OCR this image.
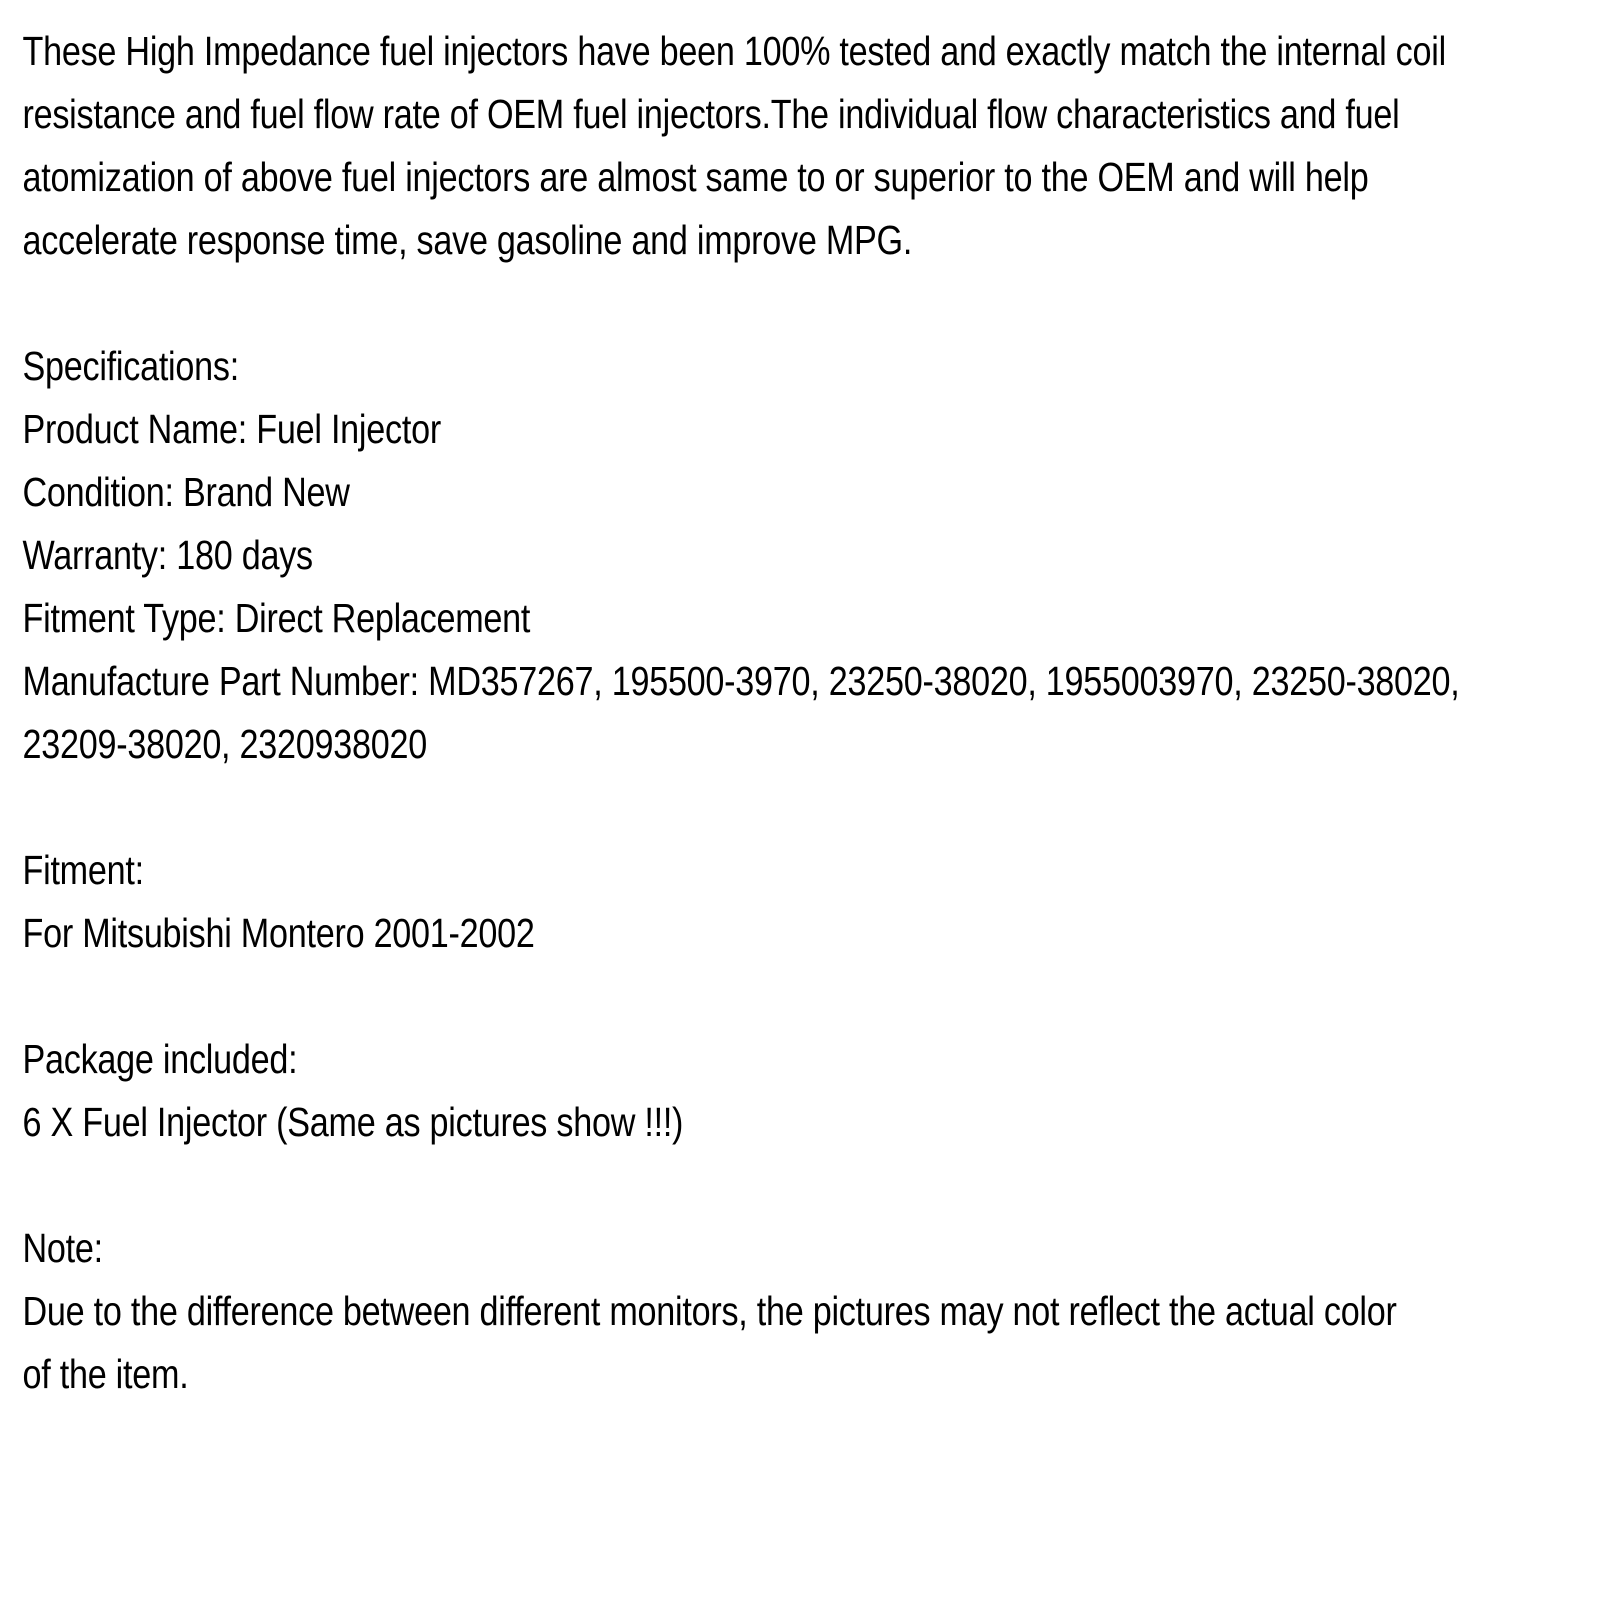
These High Impedance fuel injectors have been 100% tested and exactly match the internal coil
resistance and fuel flow rate of OEM fuel injectors.The individual flow characteristics and fuel
atomization of above fuel injectors are almost same to or superior to the OEM and will help
accelerate response time, save gasoline and improve MPG.
Specifications:
Product Name: Fuel Injector
Condition: Brand New
Warranty: 180 days
Fitment Type: Direct Replacement
Manufacture Part Number: MD357267, 195500-3970, 23250-38020, 1955003970, 23250-38020,
23209-38020, 2320938020
Fitment:
For Mitsubishi Montero 2001-2002
Package included:
6 X Fuel Injector (Same as pictures show !!!)
Note:
Due to the difference between different monitors, the pictures may not reflect the actual color
of the item.
